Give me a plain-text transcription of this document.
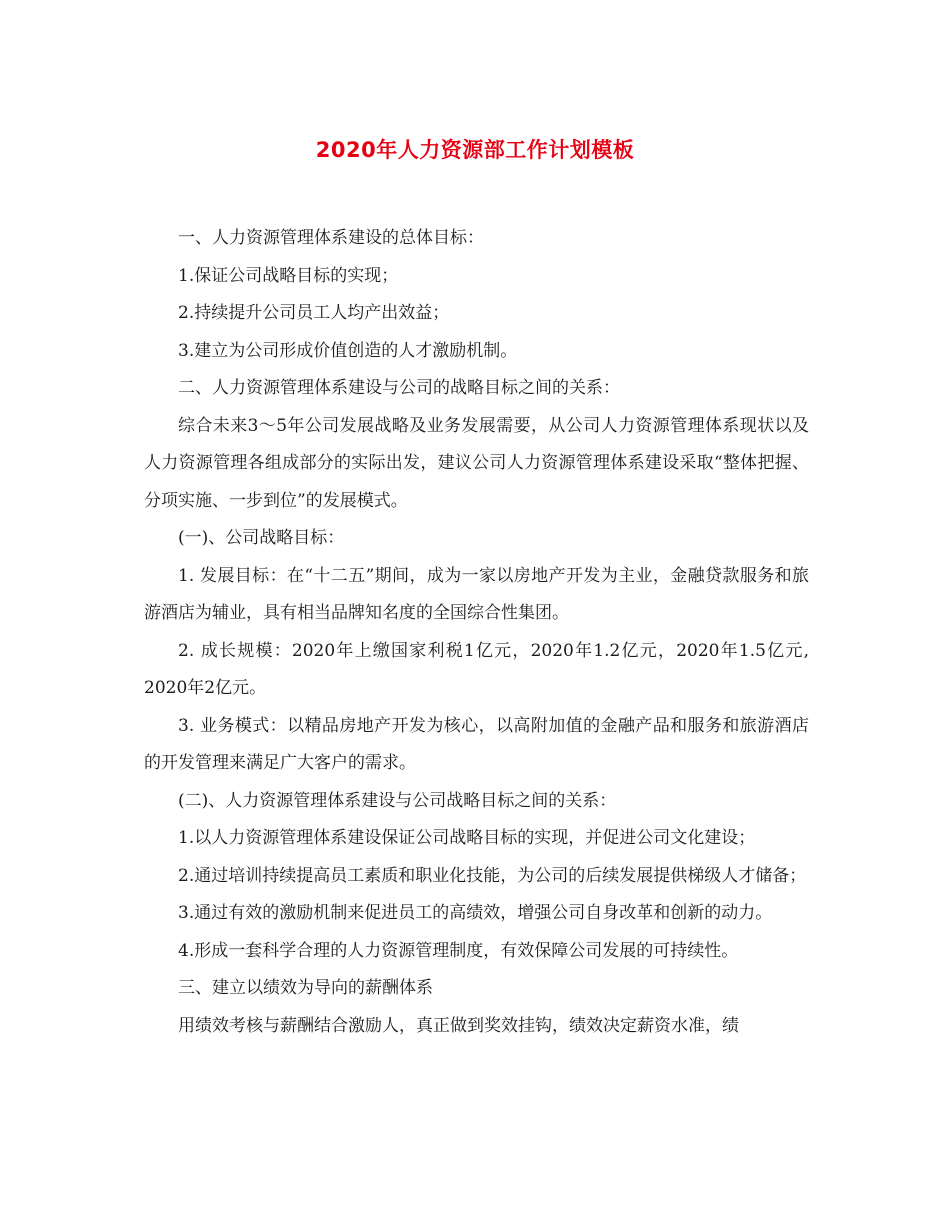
2020年人力资源部工作计划模板

一、人力资源管理体系建设的总体目标：

1.保证公司战略目标的实现；

2.持续提升公司员工人均产出效益；

3.建立为公司形成价值创造的人才激励机制。

二、人力资源管理体系建设与公司的战略目标之间的关系：

综合未来3～5年公司发展战略及业务发展需要，从公司人力资源管理体系现状以及人力资源管理各组成部分的实际出发，建议公司人力资源管理体系建设采取“整体把握、分项实施、一步到位”的发展模式。

(一)、公司战略目标：

1. 发展目标：在“十二五”期间，成为一家以房地产开发为主业，金融贷款服务和旅游酒店为辅业，具有相当品牌知名度的全国综合性集团。

2. 成长规模：2020年上缴国家利税1亿元，2020年1.2亿元，2020年1.5亿元, 2020年2亿元。

3. 业务模式：以精品房地产开发为核心，以高附加值的金融产品和服务和旅游酒店的开发管理来满足广大客户的需求。

(二)、人力资源管理体系建设与公司战略目标之间的关系：

1.以人力资源管理体系建设保证公司战略目标的实现，并促进公司文化建设；

2.通过培训持续提高员工素质和职业化技能，为公司的后续发展提供梯级人才储备；

3.通过有效的激励机制来促进员工的高绩效，增强公司自身改革和创新的动力。

4.形成一套科学合理的人力资源管理制度，有效保障公司发展的可持续性。

三、建立以绩效为导向的薪酬体系

用绩效考核与薪酬结合激励人，真正做到奖效挂钩，绩效决定薪资水准，绩
